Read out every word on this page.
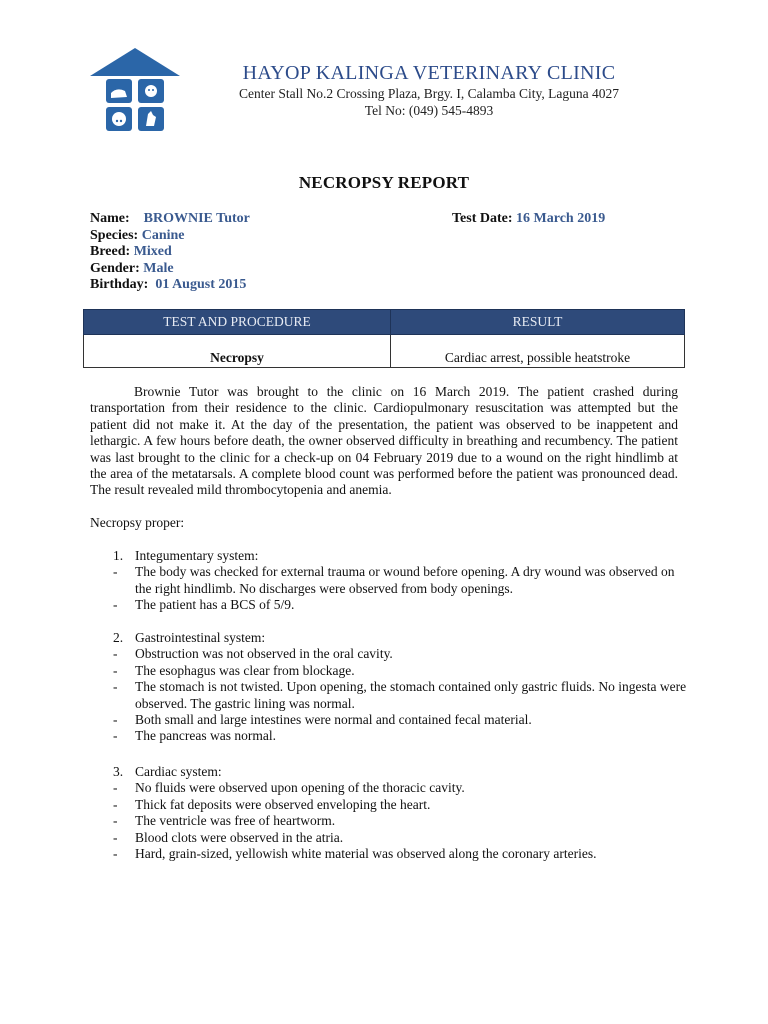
HAYOP KALINGA VETERINARY CLINIC
Center Stall No.2 Crossing Plaza, Brgy. I, Calamba City, Laguna 4027
Tel No: (049) 545-4893
NECROPSY REPORT
Name: BROWNIE Tutor
Species: Canine
Breed: Mixed
Gender: Male
Birthday: 01 August 2015
Test Date: 16 March 2019
TEST AND PROCEDURE	RESULT
Necropsy	Cardiac arrest, possible heatstroke
Brownie Tutor was brought to the clinic on 16 March 2019. The patient crashed during transportation from their residence to the clinic. Cardiopulmonary resuscitation was attempted but the patient did not make it. At the day of the presentation, the patient was observed to be inappetent and lethargic. A few hours before death, the owner observed difficulty in breathing and recumbency. The patient was last brought to the clinic for a check-up on 04 February 2019 due to a wound on the right hindlimb at the area of the metatarsals. A complete blood count was performed before the patient was pronounced dead. The result revealed mild thrombocytopenia and anemia.
Necropsy proper:
1. Integumentary system:
- The body was checked for external trauma or wound before opening. A dry wound was observed on the right hindlimb. No discharges were observed from body openings.
- The patient has a BCS of 5/9.
2. Gastrointestinal system:
- Obstruction was not observed in the oral cavity.
- The esophagus was clear from blockage.
- The stomach is not twisted. Upon opening, the stomach contained only gastric fluids. No ingesta were observed. The gastric lining was normal.
- Both small and large intestines were normal and contained fecal material.
- The pancreas was normal.
3. Cardiac system:
- No fluids were observed upon opening of the thoracic cavity.
- Thick fat deposits were observed enveloping the heart.
- The ventricle was free of heartworm.
- Blood clots were observed in the atria.
- Hard, grain-sized, yellowish white material was observed along the coronary arteries.
